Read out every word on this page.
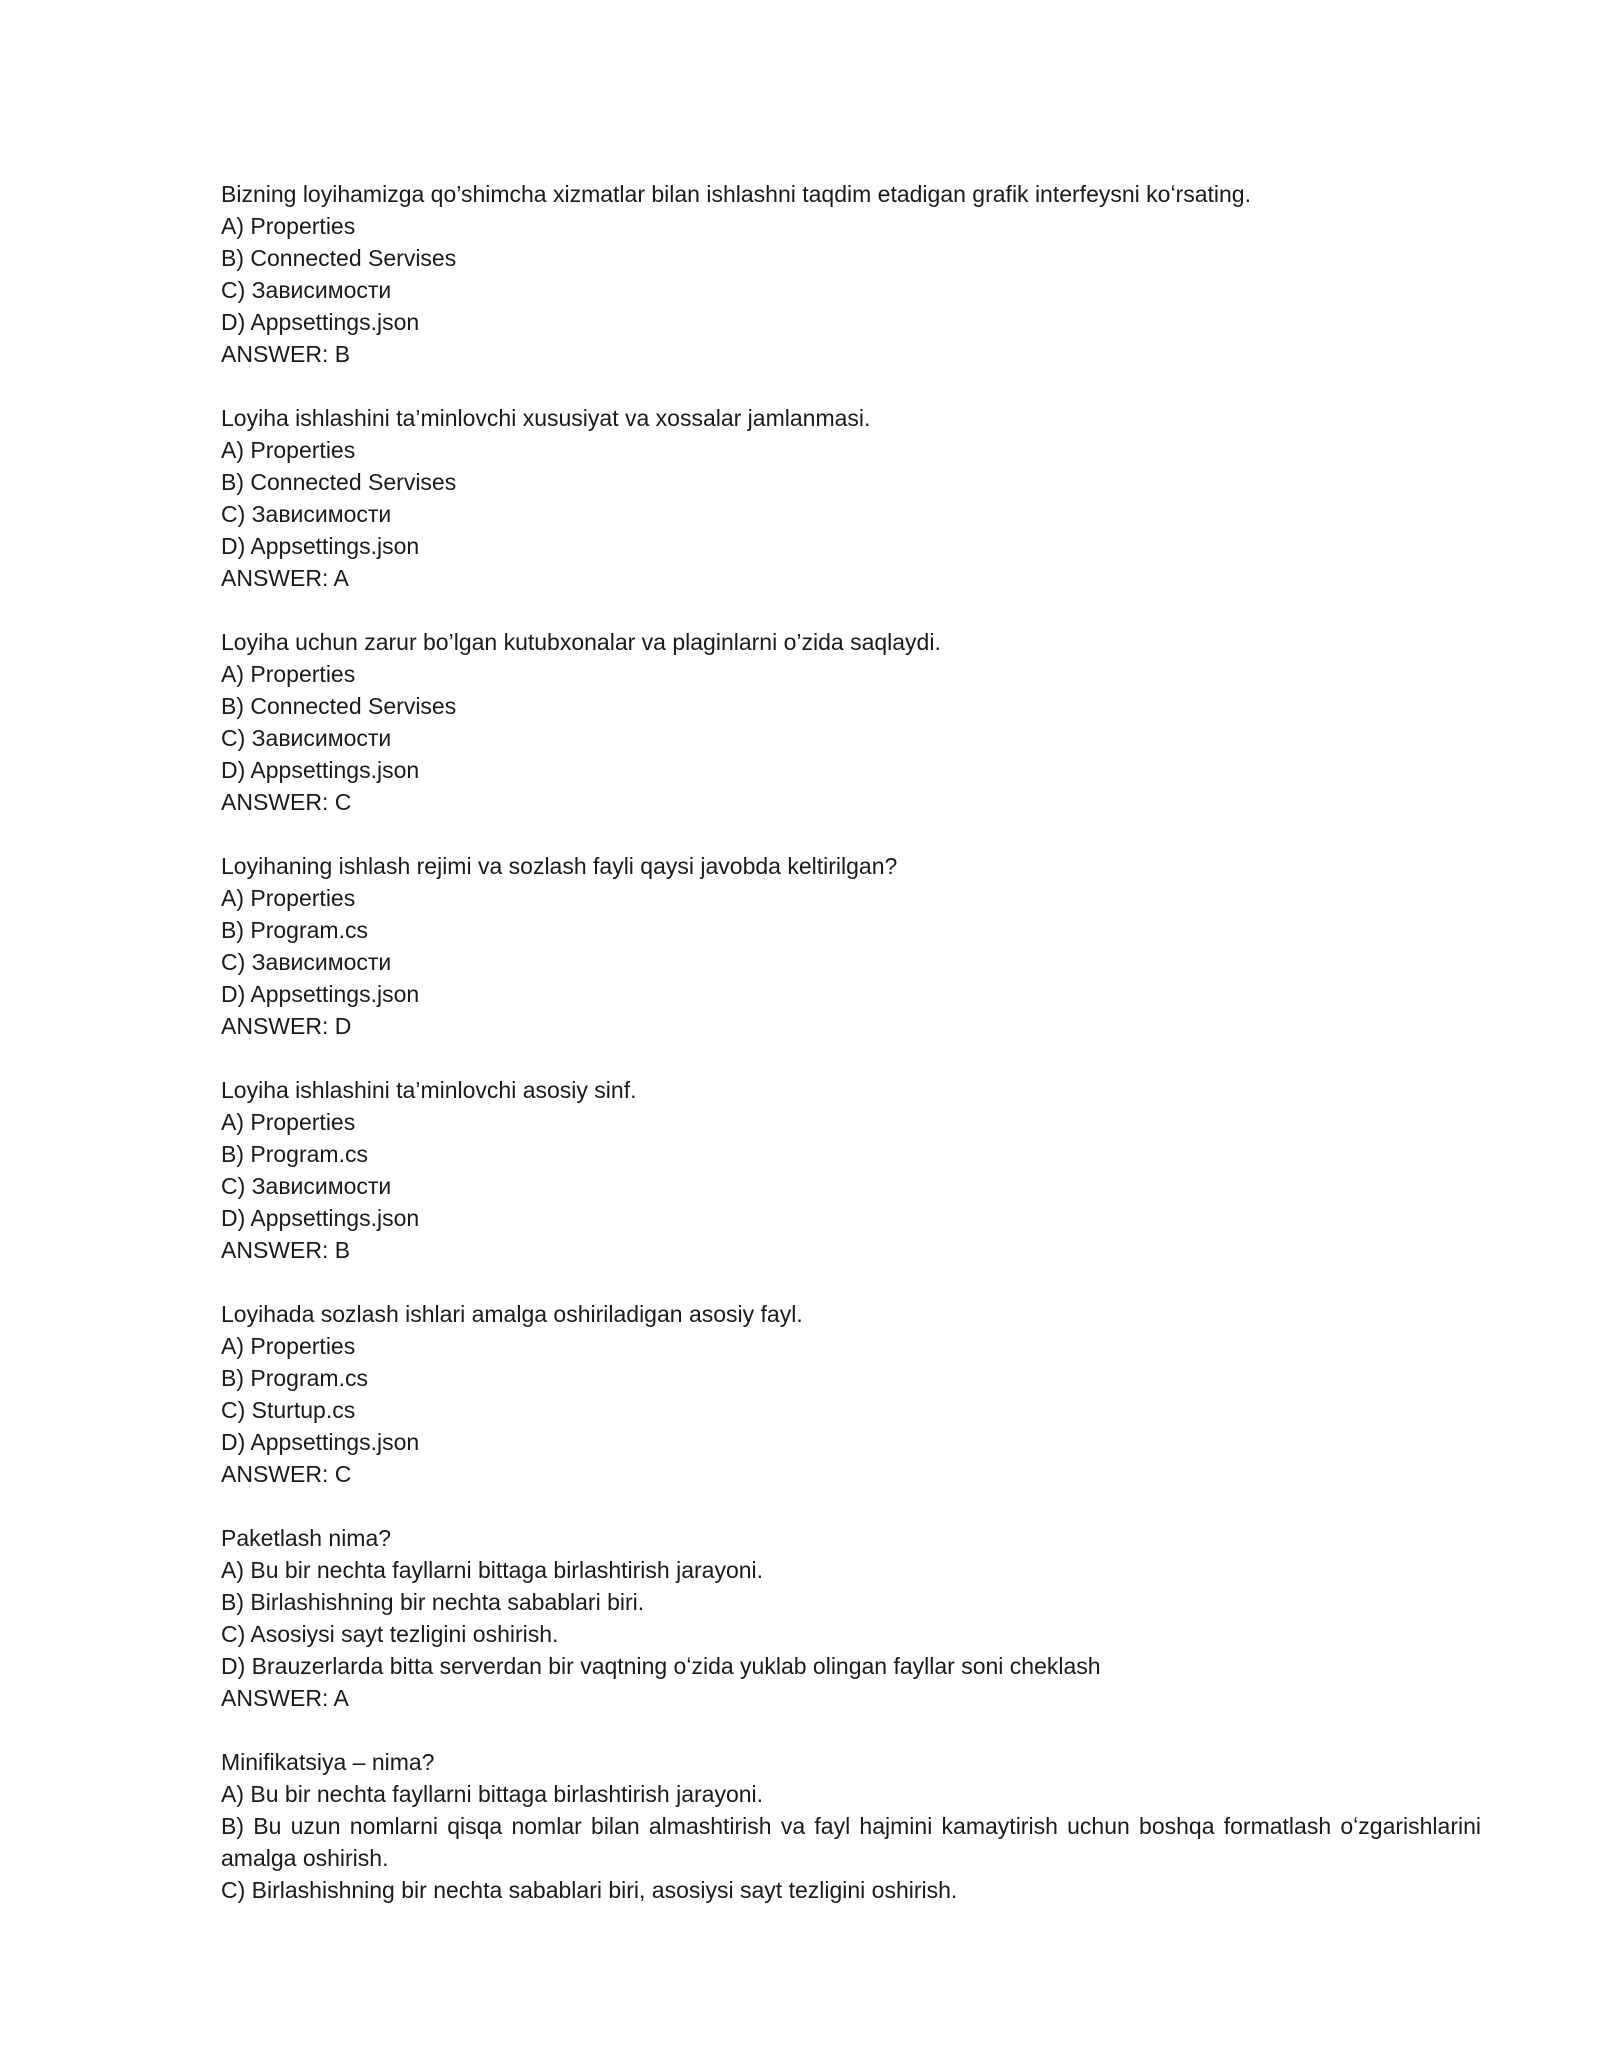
Bizning loyihamizga qo’shimcha xizmatlar bilan ishlashni taqdim etadigan grafik interfeysni koʻrsating.
A) Properties
B) Connected Servises
C) Зависимости
D) Appsettings.json
ANSWER: B
Loyiha ishlashini ta’minlovchi xususiyat va xossalar jamlanmasi.
A) Properties
B) Connected Servises
C) Зависимости
D) Appsettings.json
ANSWER: A
Loyiha uchun zarur bo’lgan kutubxonalar va plaginlarni o’zida saqlaydi.
A) Properties
B) Connected Servises
C) Зависимости
D) Appsettings.json
ANSWER: C
Loyihaning ishlash rejimi va sozlash fayli qaysi javobda keltirilgan?
A) Properties
B) Program.cs
C) Зависимости
D) Appsettings.json
ANSWER: D
Loyiha ishlashini ta’minlovchi asosiy sinf.
A) Properties
B) Program.cs
C) Зависимости
D) Appsettings.json
ANSWER: B
Loyihada sozlash ishlari amalga oshiriladigan asosiy fayl.
A) Properties
B) Program.cs
C) Sturtup.cs
D) Appsettings.json
ANSWER: C
Paketlash nima?
A) Bu bir nechta fayllarni bittaga birlashtirish jarayoni.
B) Birlashishning bir nechta sabablari biri.
C) Asosiysi sayt tezligini oshirish.
D) Brauzerlarda bitta serverdan bir vaqtning oʻzida yuklab olingan fayllar soni cheklash
ANSWER: A
Minifikatsiya – nima?
A) Bu bir nechta fayllarni bittaga birlashtirish jarayoni.
B) Bu uzun nomlarni qisqa nomlar bilan almashtirish va fayl hajmini kamaytirish uchun boshqa formatlash oʻzgarishlarini amalga oshirish.
C) Birlashishning bir nechta sabablari biri, asosiysi sayt tezligini oshirish.
